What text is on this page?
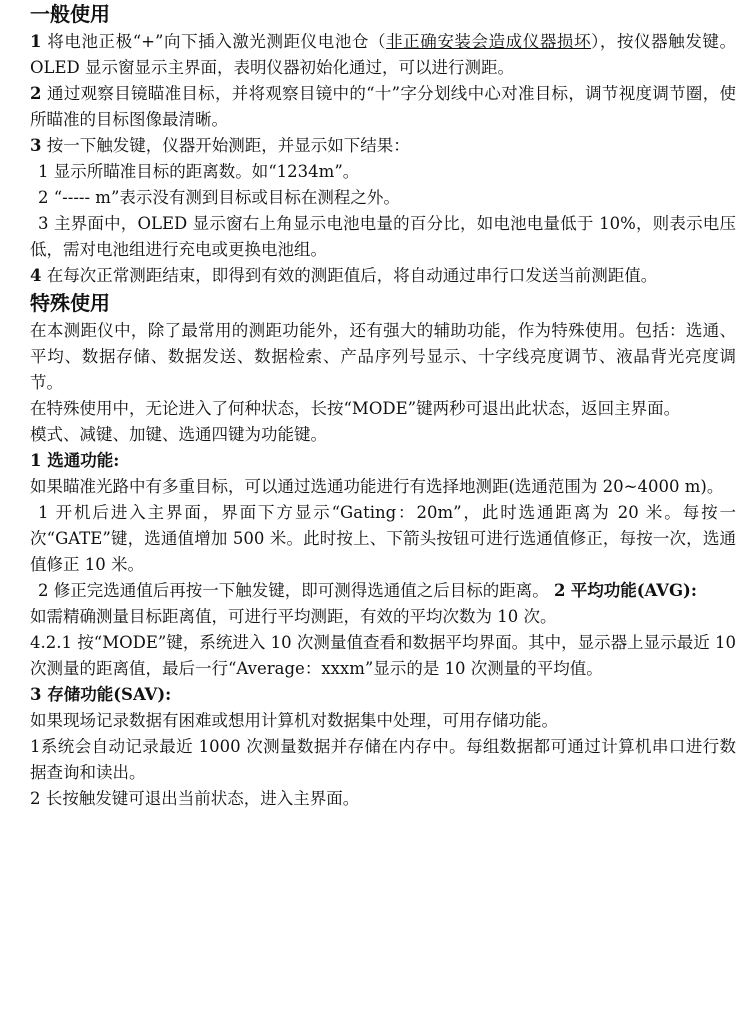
一般使用
1 将电池正极“+”向下插入激光测距仪电池仓（非正确安装会造成仪器损坏），按仪器触发键。OLED 显示窗显示主界面，表明仪器初始化通过，可以进行测距。
2 通过观察目镜瞄准目标，并将观察目镜中的“十”字分划线中心对准目标，调节视度调节圈，使所瞄准的目标图像最清晰。
3 按一下触发键，仪器开始测距，并显示如下结果：
1 显示所瞄准目标的距离数。如“1234m”。
2 “----- m”表示没有测到目标或目标在测程之外。
3 主界面中，OLED 显示窗右上角显示电池电量的百分比，如电池电量低于 10%，则表示电压低，需对电池组进行充电或更换电池组。
4 在每次正常测距结束，即得到有效的测距值后，将自动通过串行口发送当前测距值。
特殊使用
在本测距仪中，除了最常用的测距功能外，还有强大的辅助功能，作为特殊使用。包括：选通、平均、数据存储、数据发送、数据检索、产品序列号显示、十字线亮度调节、液晶背光亮度调节。
在特殊使用中，无论进入了何种状态，长按“MODE”键两秒可退出此状态，返回主界面。
模式、减键、加键、选通四键为功能键。
1 选通功能:
如果瞄准光路中有多重目标，可以通过选通功能进行有选择地测距(选通范围为 20~4000 m)。
1 开机后进入主界面，界面下方显示“Gating：20m”，此时选通距离为 20 米。每按一次“GATE”键，选通值增加 500 米。此时按上、下箭头按钮可进行选通值修正，每按一次，选通值修正 10 米。
2 修正完选通值后再按一下触发键，即可测得选通值之后目标的距离。 2 平均功能(AVG):
如需精确测量目标距离值，可进行平均测距，有效的平均次数为 10 次。
4.2.1 按“MODE”键，系统进入 10 次测量值查看和数据平均界面。其中，显示器上显示最近 10 次测量的距离值，最后一行“Average：xxxm”显示的是 10 次测量的平均值。
3 存储功能(SAV):
如果现场记录数据有困难或想用计算机对数据集中处理，可用存储功能。
1系统会自动记录最近 1000 次测量数据并存储在内存中。每组数据都可通过计算机串口进行数据查询和读出。
2 长按触发键可退出当前状态，进入主界面。
